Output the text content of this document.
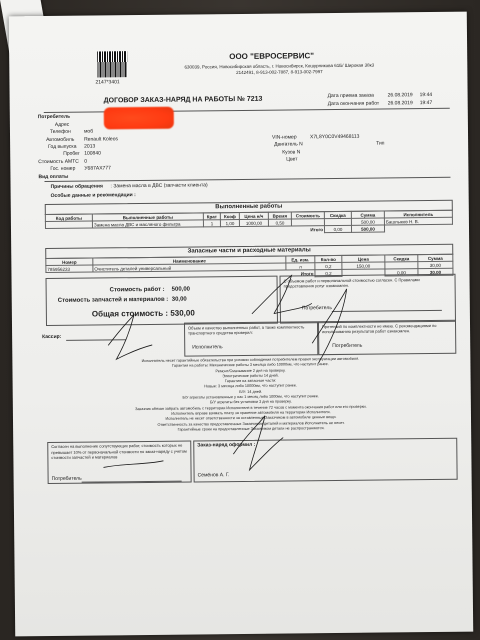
2147*3401
ООО "ЕВРОСЕРВИС"
630039, Россия, Новосибирская область, г. Новосибирск, Кошурникова 61Б/ Широкая 38к3
2142491, 8-913-002-7887, 8-913-002-7997
ДОГОВОР ЗАКАЗ-НАРЯД НА РАБОТЫ № 7213	Дата приема заказа	26.08.2019 19:44
Дата окончания работ 26.08.2019 19:47
Потребитель
Адрес
Телефон	моб
Автомобиль Renault Koleos
Год выпуска 2013
Пробег 100840
Стоимость АМТС 0
Гос. номер У687АХ777
Вид оплаты
VIN-номер	X7L8Y0C0V49468113
Двигатель N	Тип
Кузов N
Цвет
Причины обращения : Замена масла в ДВС (запчасти клиента)
Особые данные и рекомендации :
Выполненные работы
Код работы	Выполненные работы	Крат	Коэф	Цена н/ч	Время	Стоимость	Скидка	Сумма	Исполнитель
	Замена масла ДВС и масляного фильтра	1	1,00	1000,00	0,50			500,00	Башлыков Н. В.
						Итого	0,00	500,00	
Запасные части и расходные материалы
Номер	Наименование	Ед. изм.	Кол-во	Цена	Скидка	Сумма
785956233	Очиститель деталей универсальный	л	0,2	150,00		30,00
		Итого	0,2		0,00	30,00
Стоимость работ : 500,00
Стоимость запчастей и материалов : 30,00
Общая стоимость : 530,00
С объемом работ и первоначальной стоимостью согласен. С Правилами предоставления услуг ознакомлен.
Потребитель
Кассир:
Объем и качество выполненных работ, а также комплектность транспортного средства проверил:
Исполнитель
Претензий по комплектности не имею. С рекомендациями по использованию результатов работ ознакомлен.
Потребитель
Исполнитель несет гарантийные обязательства при условии соблюдения потребителем правил эксплуатации автомобиля.
Гарантия на работы: Механические работы 3 месяца либо 10000км, что наступит ранее.
Ремонт/Смазывание 2 дня на проверку.
Электрические работы 14 дней.
Гарантия на запасные части:
Новые: 3 месяца либо 10000км, что наступит ранее.
Б/У: 14 дней.
Б/У агрегаты установленные у нас 1 месяц либо 1000км, что наступит ранее.
Б/У агрегаты без установки 3 дня на проверку.
Заказчик обязан забрать автомобиль с территории Исполнителя в течение 72 часов с момента окончания работ или его проверки.
Исполнитель вправе взимать плату за хранение автомобиля на территории Исполнителя.
Исполнитель не несет ответственности за оставленные Заказчиком в автомобиле ценные вещи.
Ответственность за качество предоставленных Заказчиком деталей и материалов Исполнитель не несет.
Гарантийные сроки на предоставленные Заказчиком детали не распространяются.
Согласен на выполнение сопутствующих работ, стоимость которых не превышает 10% от первоначальной стоимости по заказ-наряду с учетом стоимости запчастей и материалов
Потребитель
Заказ-наряд оформил :
Семёнов А. Г.
